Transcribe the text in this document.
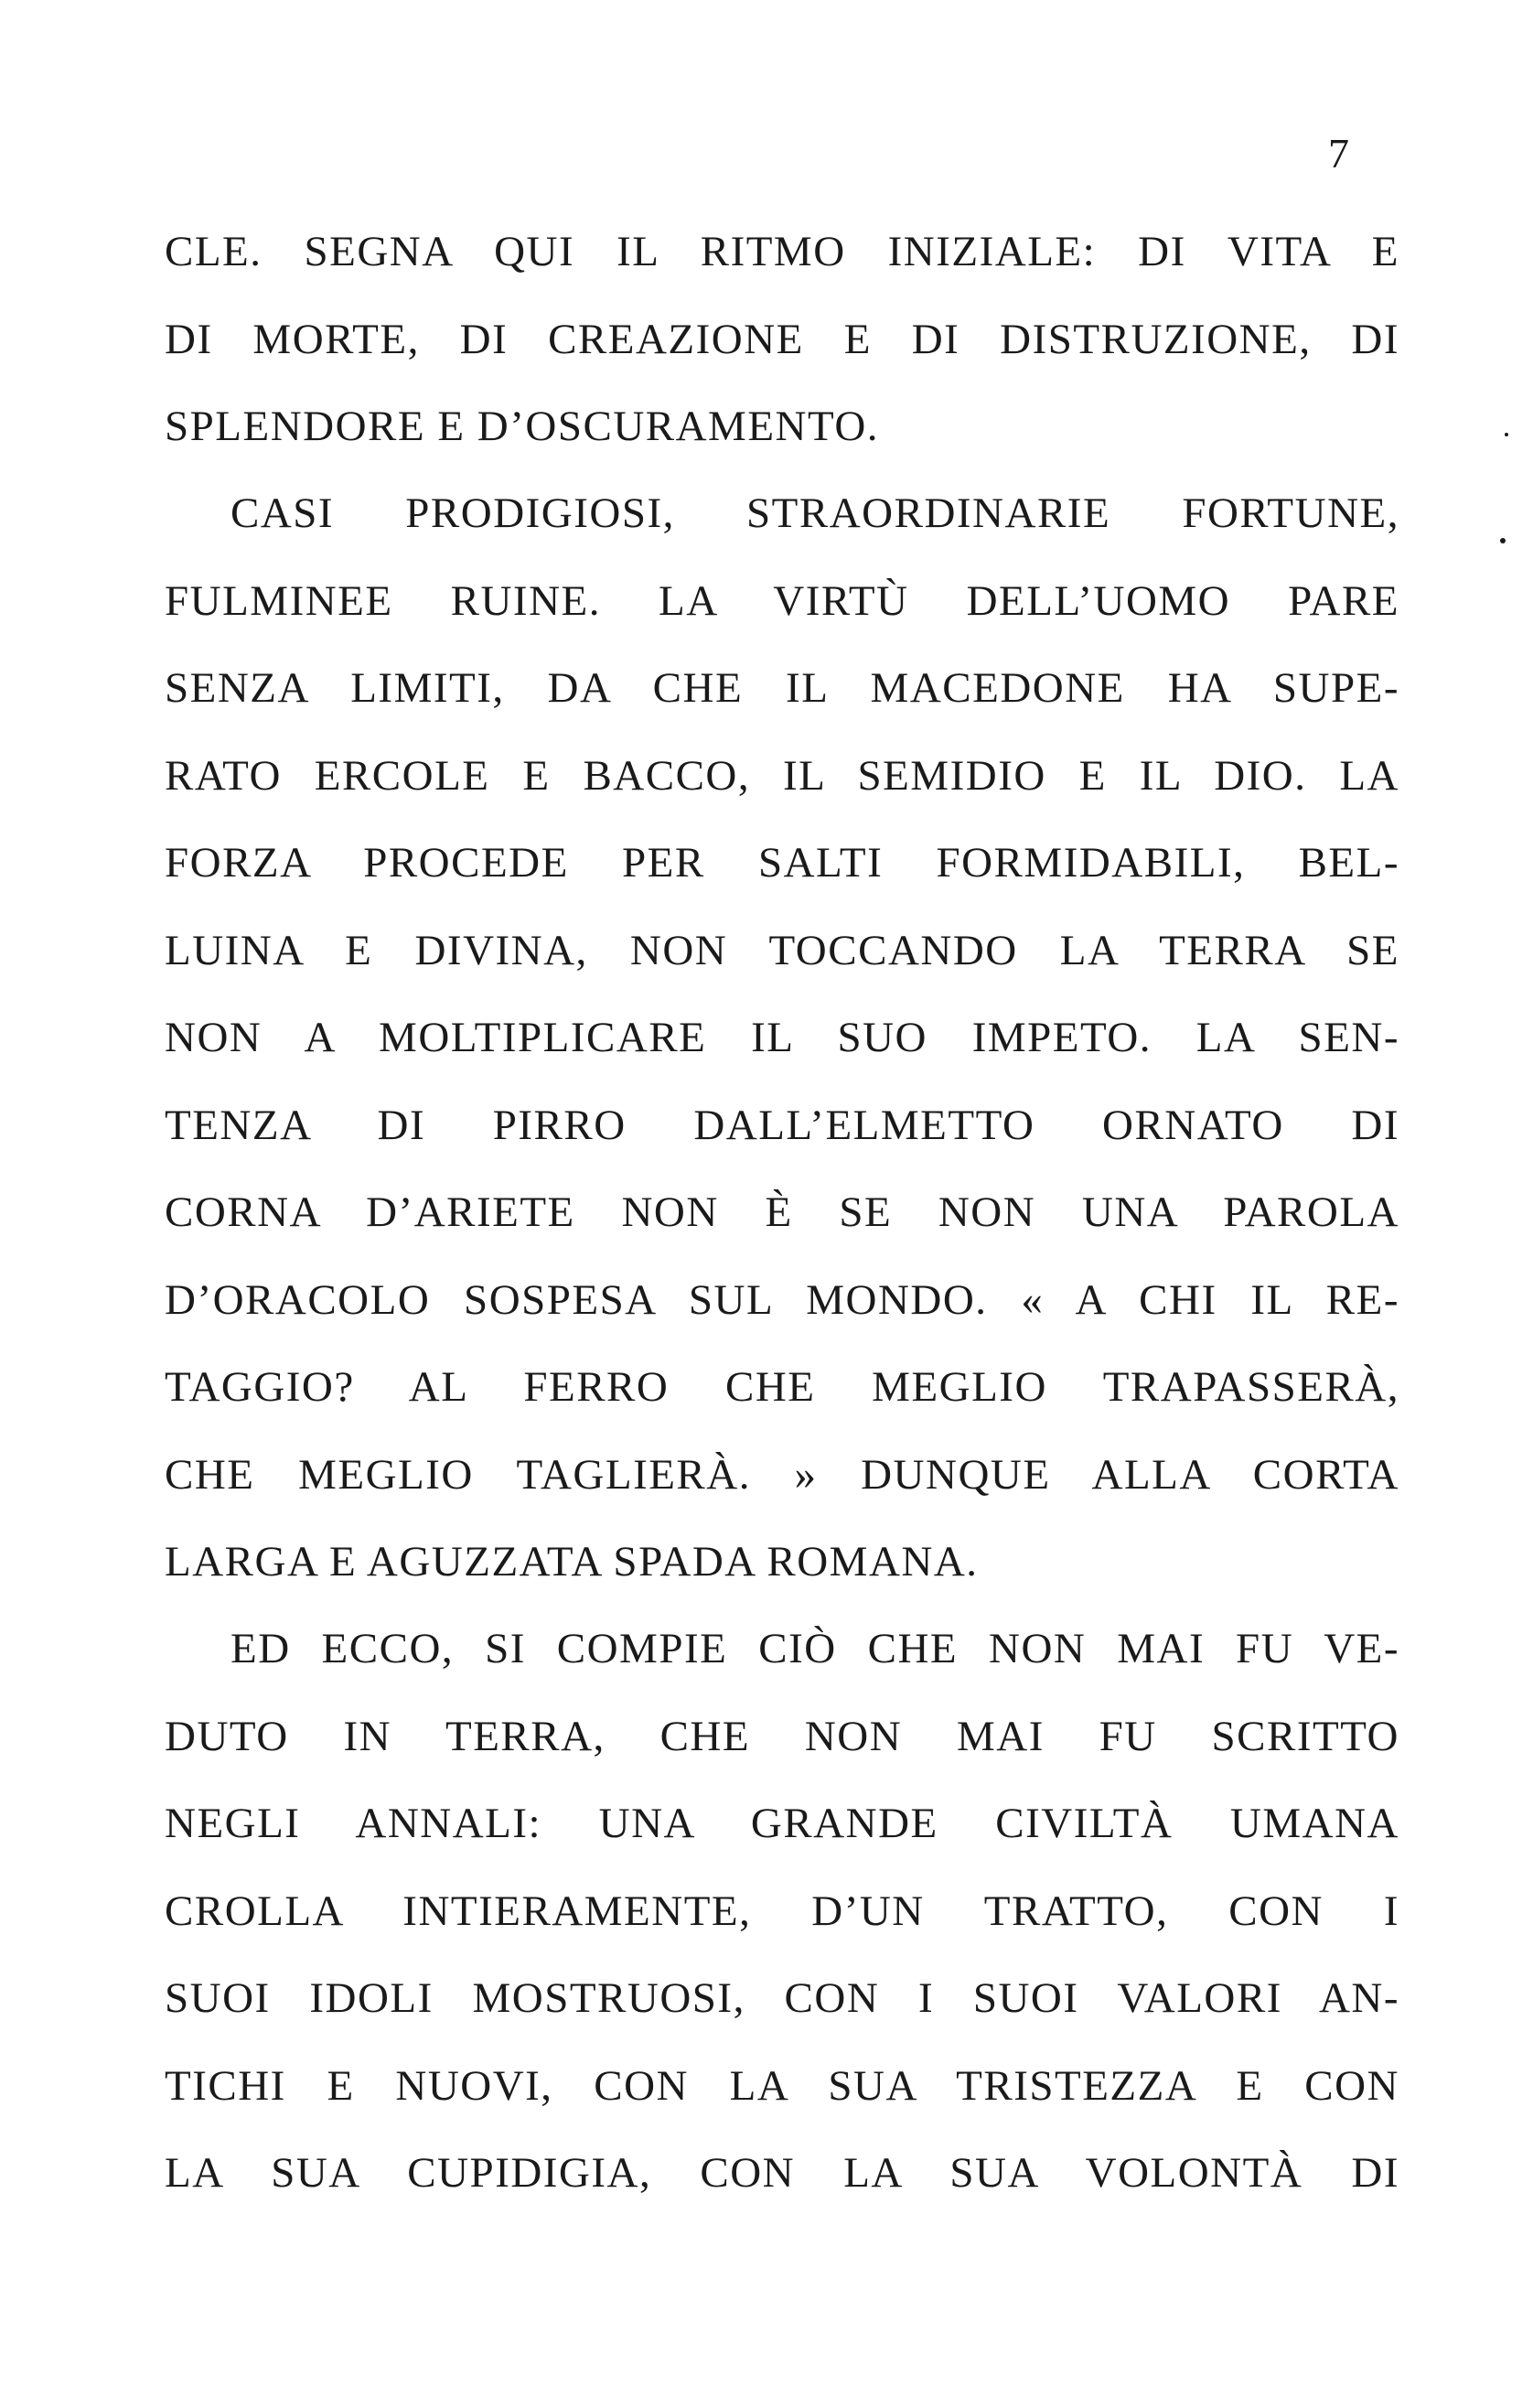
7
CLE. SEGNA QUI IL RITMO INIZIALE: DI VITA E
DI MORTE, DI CREAZIONE E DI DISTRUZIONE, DI
SPLENDORE E D’OSCURAMENTO.
CASI PRODIGIOSI, STRAORDINARIE FORTUNE,
FULMINEE RUINE. LA VIRTÙ DELL’UOMO PARE
SENZA LIMITI, DA CHE IL MACEDONE HA SUPE-
RATO ERCOLE E BACCO, IL SEMIDIO E IL DIO. LA
FORZA PROCEDE PER SALTI FORMIDABILI, BEL-
LUINA E DIVINA, NON TOCCANDO LA TERRA SE
NON A MOLTIPLICARE IL SUO IMPETO. LA SEN-
TENZA DI PIRRO DALL’ELMETTO ORNATO DI
CORNA D’ARIETE NON È SE NON UNA PAROLA
D’ORACOLO SOSPESA SUL MONDO. « A CHI IL RE-
TAGGIO? AL FERRO CHE MEGLIO TRAPASSERÀ,
CHE MEGLIO TAGLIERÀ. » DUNQUE ALLA CORTA
LARGA E AGUZZATA SPADA ROMANA.
ED ECCO, SI COMPIE CIÒ CHE NON MAI FU VE-
DUTO IN TERRA, CHE NON MAI FU SCRITTO
NEGLI ANNALI: UNA GRANDE CIVILTÀ UMANA
CROLLA INTIERAMENTE, D’UN TRATTO, CON I
SUOI IDOLI MOSTRUOSI, CON I SUOI VALORI AN-
TICHI E NUOVI, CON LA SUA TRISTEZZA E CON
LA SUA CUPIDIGIA, CON LA SUA VOLONTÀ DI
